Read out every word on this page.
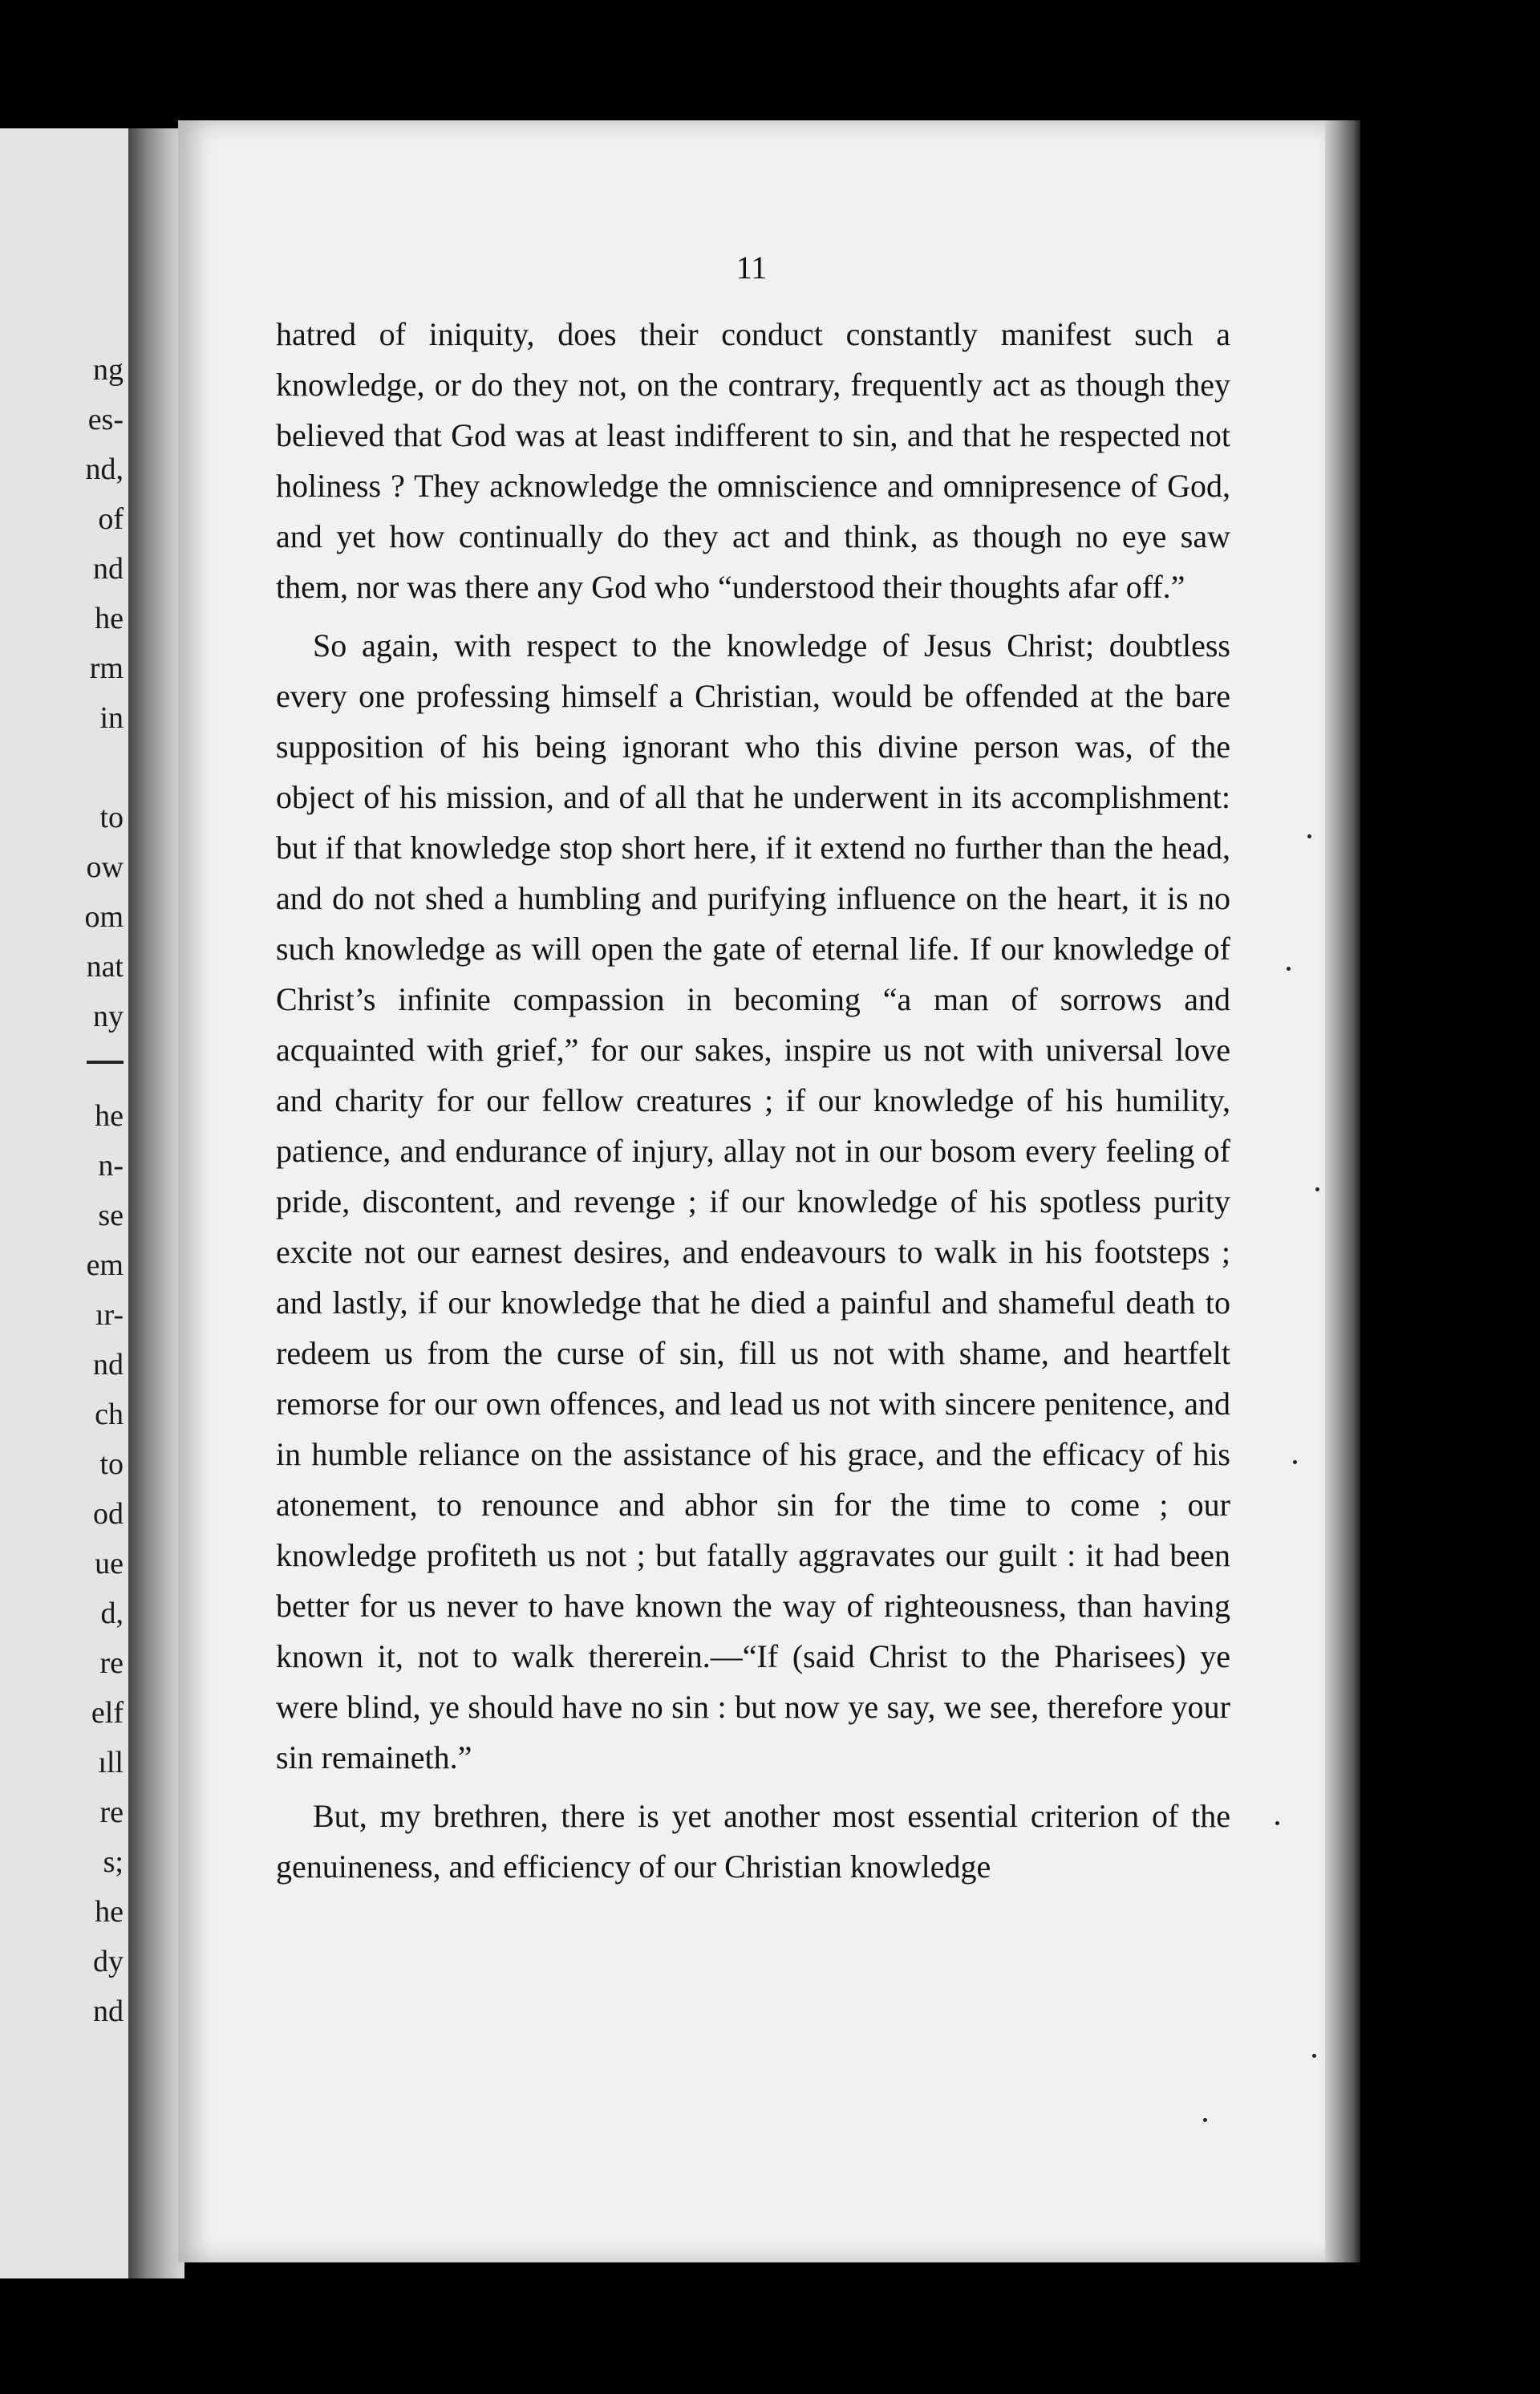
ng
es-
nd,
of
nd
he
rm
in
to
ow
om
nat
ny
he
n-
se
em
ır-
nd
ch
to
od
ue
d,
re
elf
ıll
re
s;
he
dy
nd
11

hatred of iniquity, does their conduct constantly manifest such a knowledge, or do they not, on the contrary, frequently act as though they believed that God was at least indifferent to sin, and that he respected not holiness ? They acknowledge the omniscience and omnipresence of God, and yet how continually do they act and think, as though no eye saw them, nor was there any God who “understood their thoughts afar off.”

So again, with respect to the knowledge of Jesus Christ; doubtless every one professing himself a Christian, would be offended at the bare supposition of his being ignorant who this divine person was, of the object of his mission, and of all that he underwent in its accomplishment: but if that knowledge stop short here, if it extend no further than the head, and do not shed a humbling and purifying influence on the heart, it is no such knowledge as will open the gate of eternal life. If our knowledge of Christ’s infinite compassion in becoming “a man of sorrows and acquainted with grief,” for our sakes, inspire us not with universal love and charity for our fellow creatures ; if our knowledge of his humility, patience, and endurance of injury, allay not in our bosom every feeling of pride, discontent, and revenge ; if our knowledge of his spotless purity excite not our earnest desires, and endeavours to walk in his footsteps ; and lastly, if our knowledge that he died a painful and shameful death to redeem us from the curse of sin, fill us not with shame, and heartfelt remorse for our own offences, and lead us not with sincere penitence, and in humble reliance on the assistance of his grace, and the efficacy of his atonement, to renounce and abhor sin for the time to come ; our knowledge profiteth us not ; but fatally aggravates our guilt : it had been better for us never to have known the way of righteousness, than having known it, not to walk thererein.—“If (said Christ to the Pharisees) ye were blind, ye should have no sin : but now ye say, we see, therefore your sin remaineth.”

But, my brethren, there is yet another most essential criterion of the genuineness, and efficiency of our Christian knowledge
